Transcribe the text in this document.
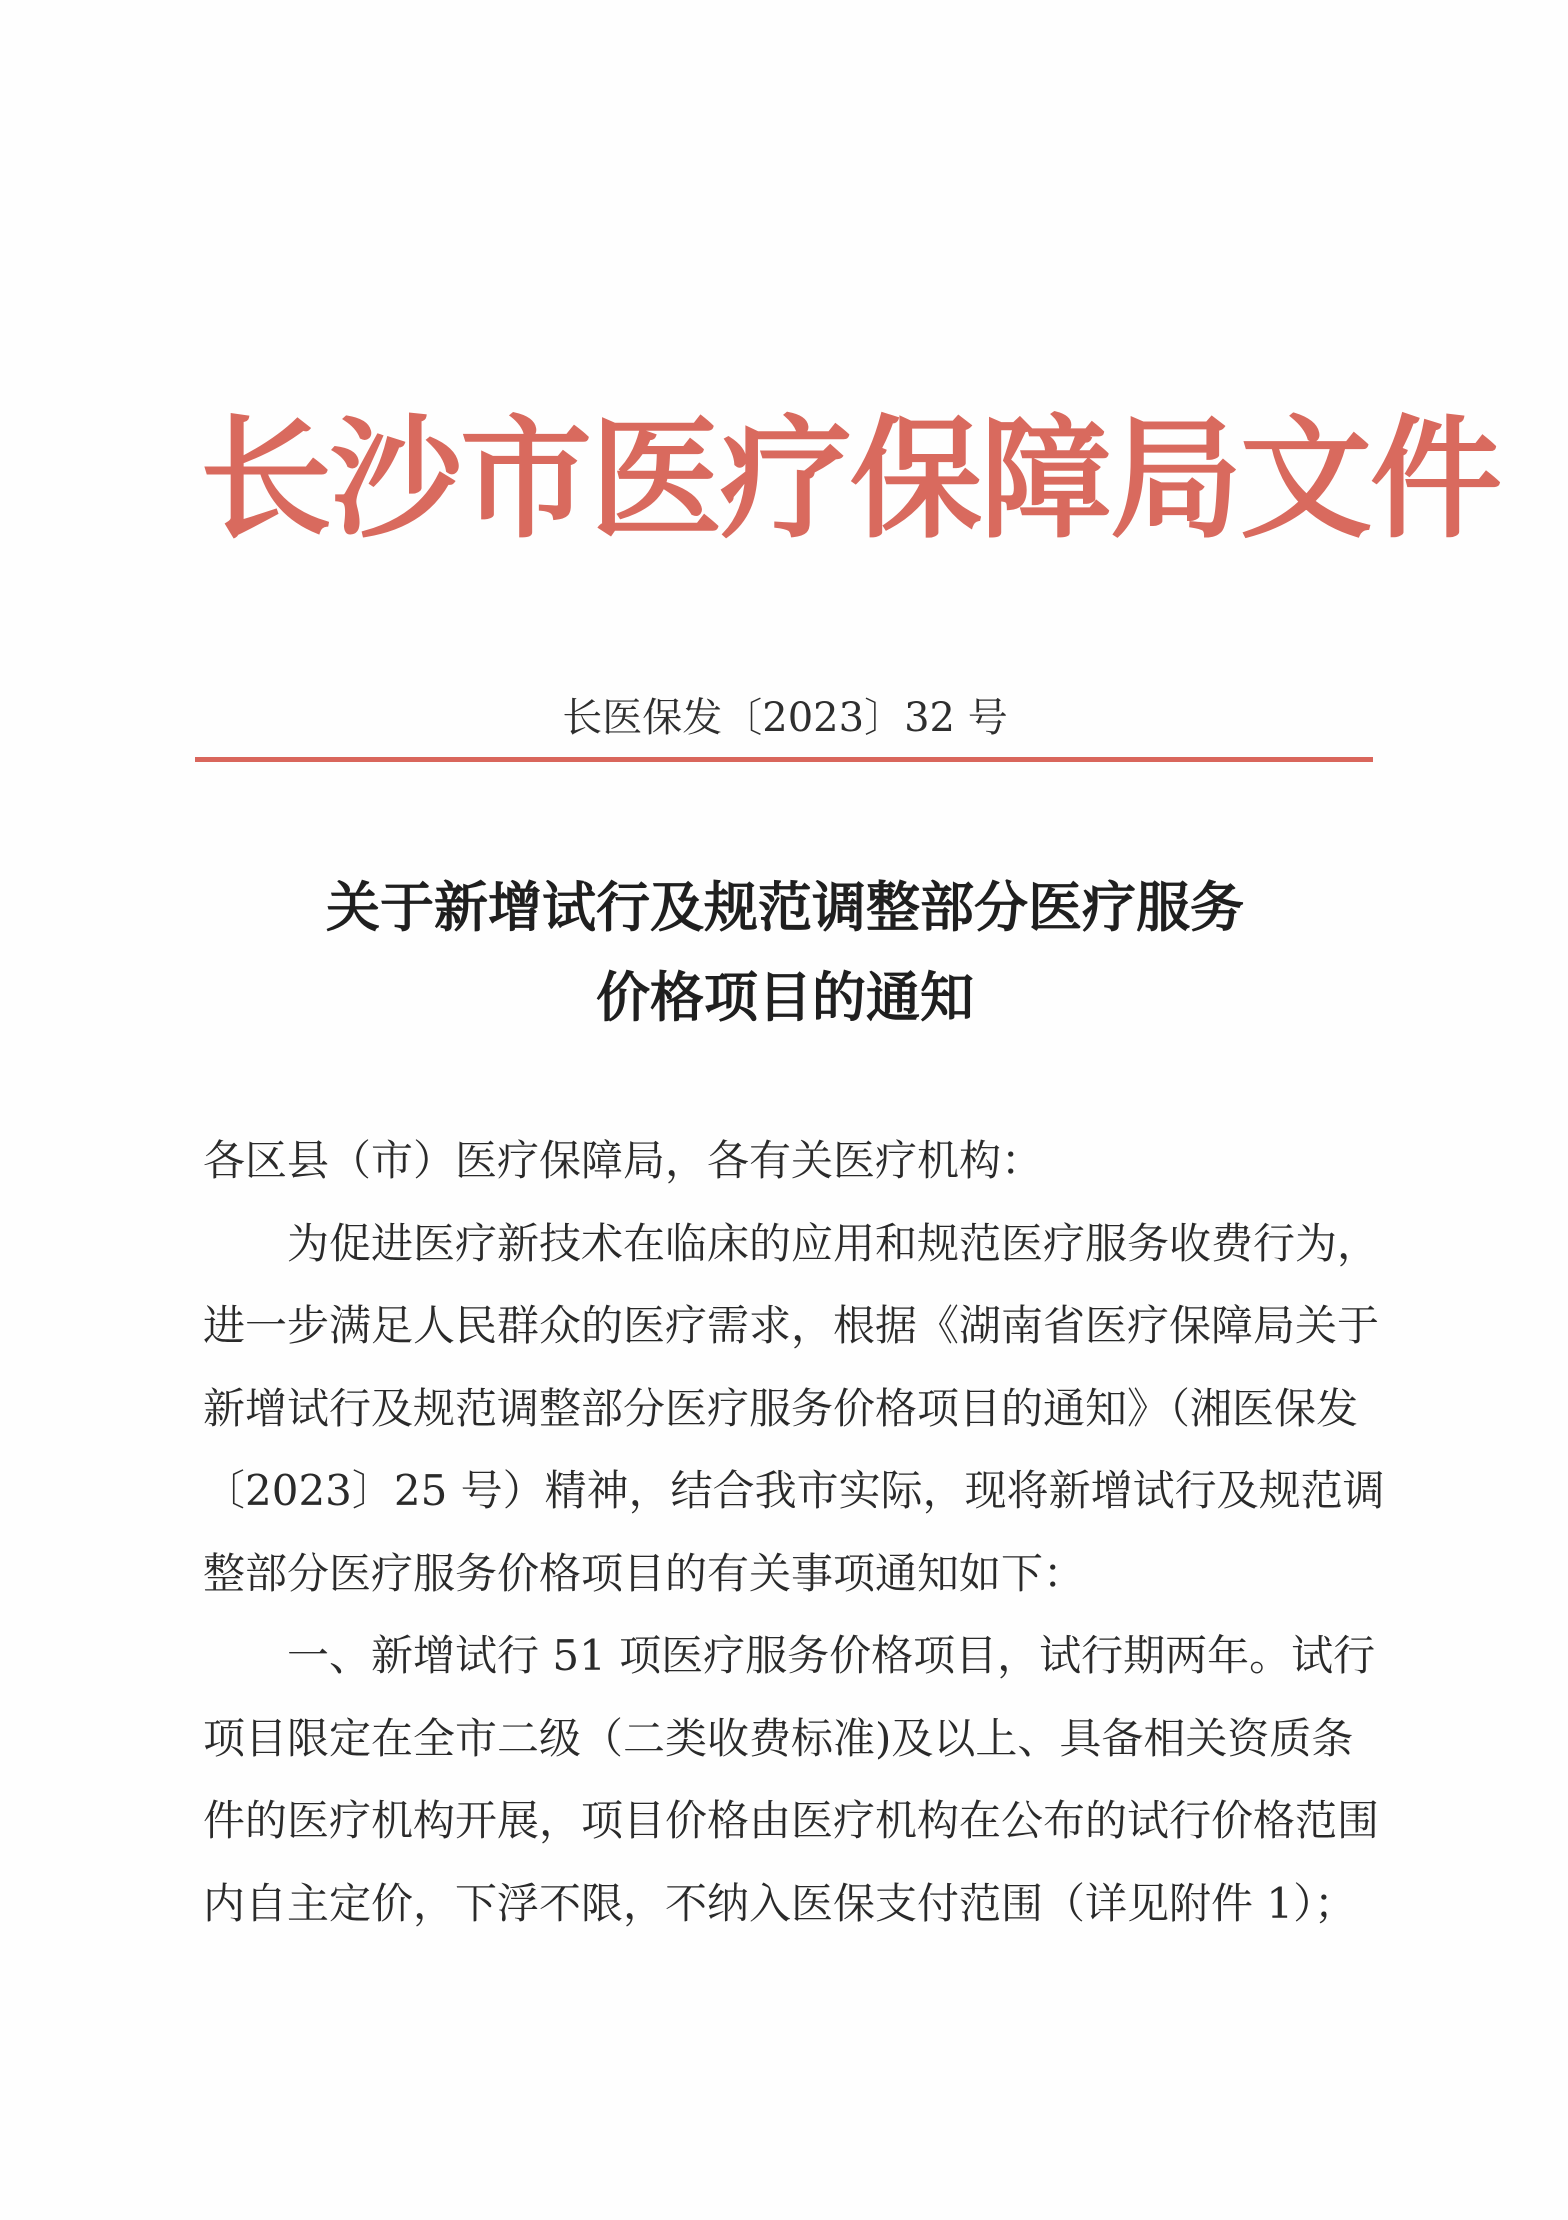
长沙市医疗保障局文件
长医保发〔2023〕32 号
关于新增试行及规范调整部分医疗服务
价格项目的通知
各区县（市）医疗保障局，各有关医疗机构：
为促进医疗新技术在临床的应用和规范医疗服务收费行为，
进一步满足人民群众的医疗需求，根据《湖南省医疗保障局关于
新增试行及规范调整部分医疗服务价格项目的通知》（湘医保发
〔2023〕25 号）精神，结合我市实际，现将新增试行及规范调
整部分医疗服务价格项目的有关事项通知如下：
一、新增试行 51 项医疗服务价格项目，试行期两年。试行
项目限定在全市二级（二类收费标准)及以上、具备相关资质条
件的医疗机构开展，项目价格由医疗机构在公布的试行价格范围
内自主定价，下浮不限，不纳入医保支付范围（详见附件 1）；
